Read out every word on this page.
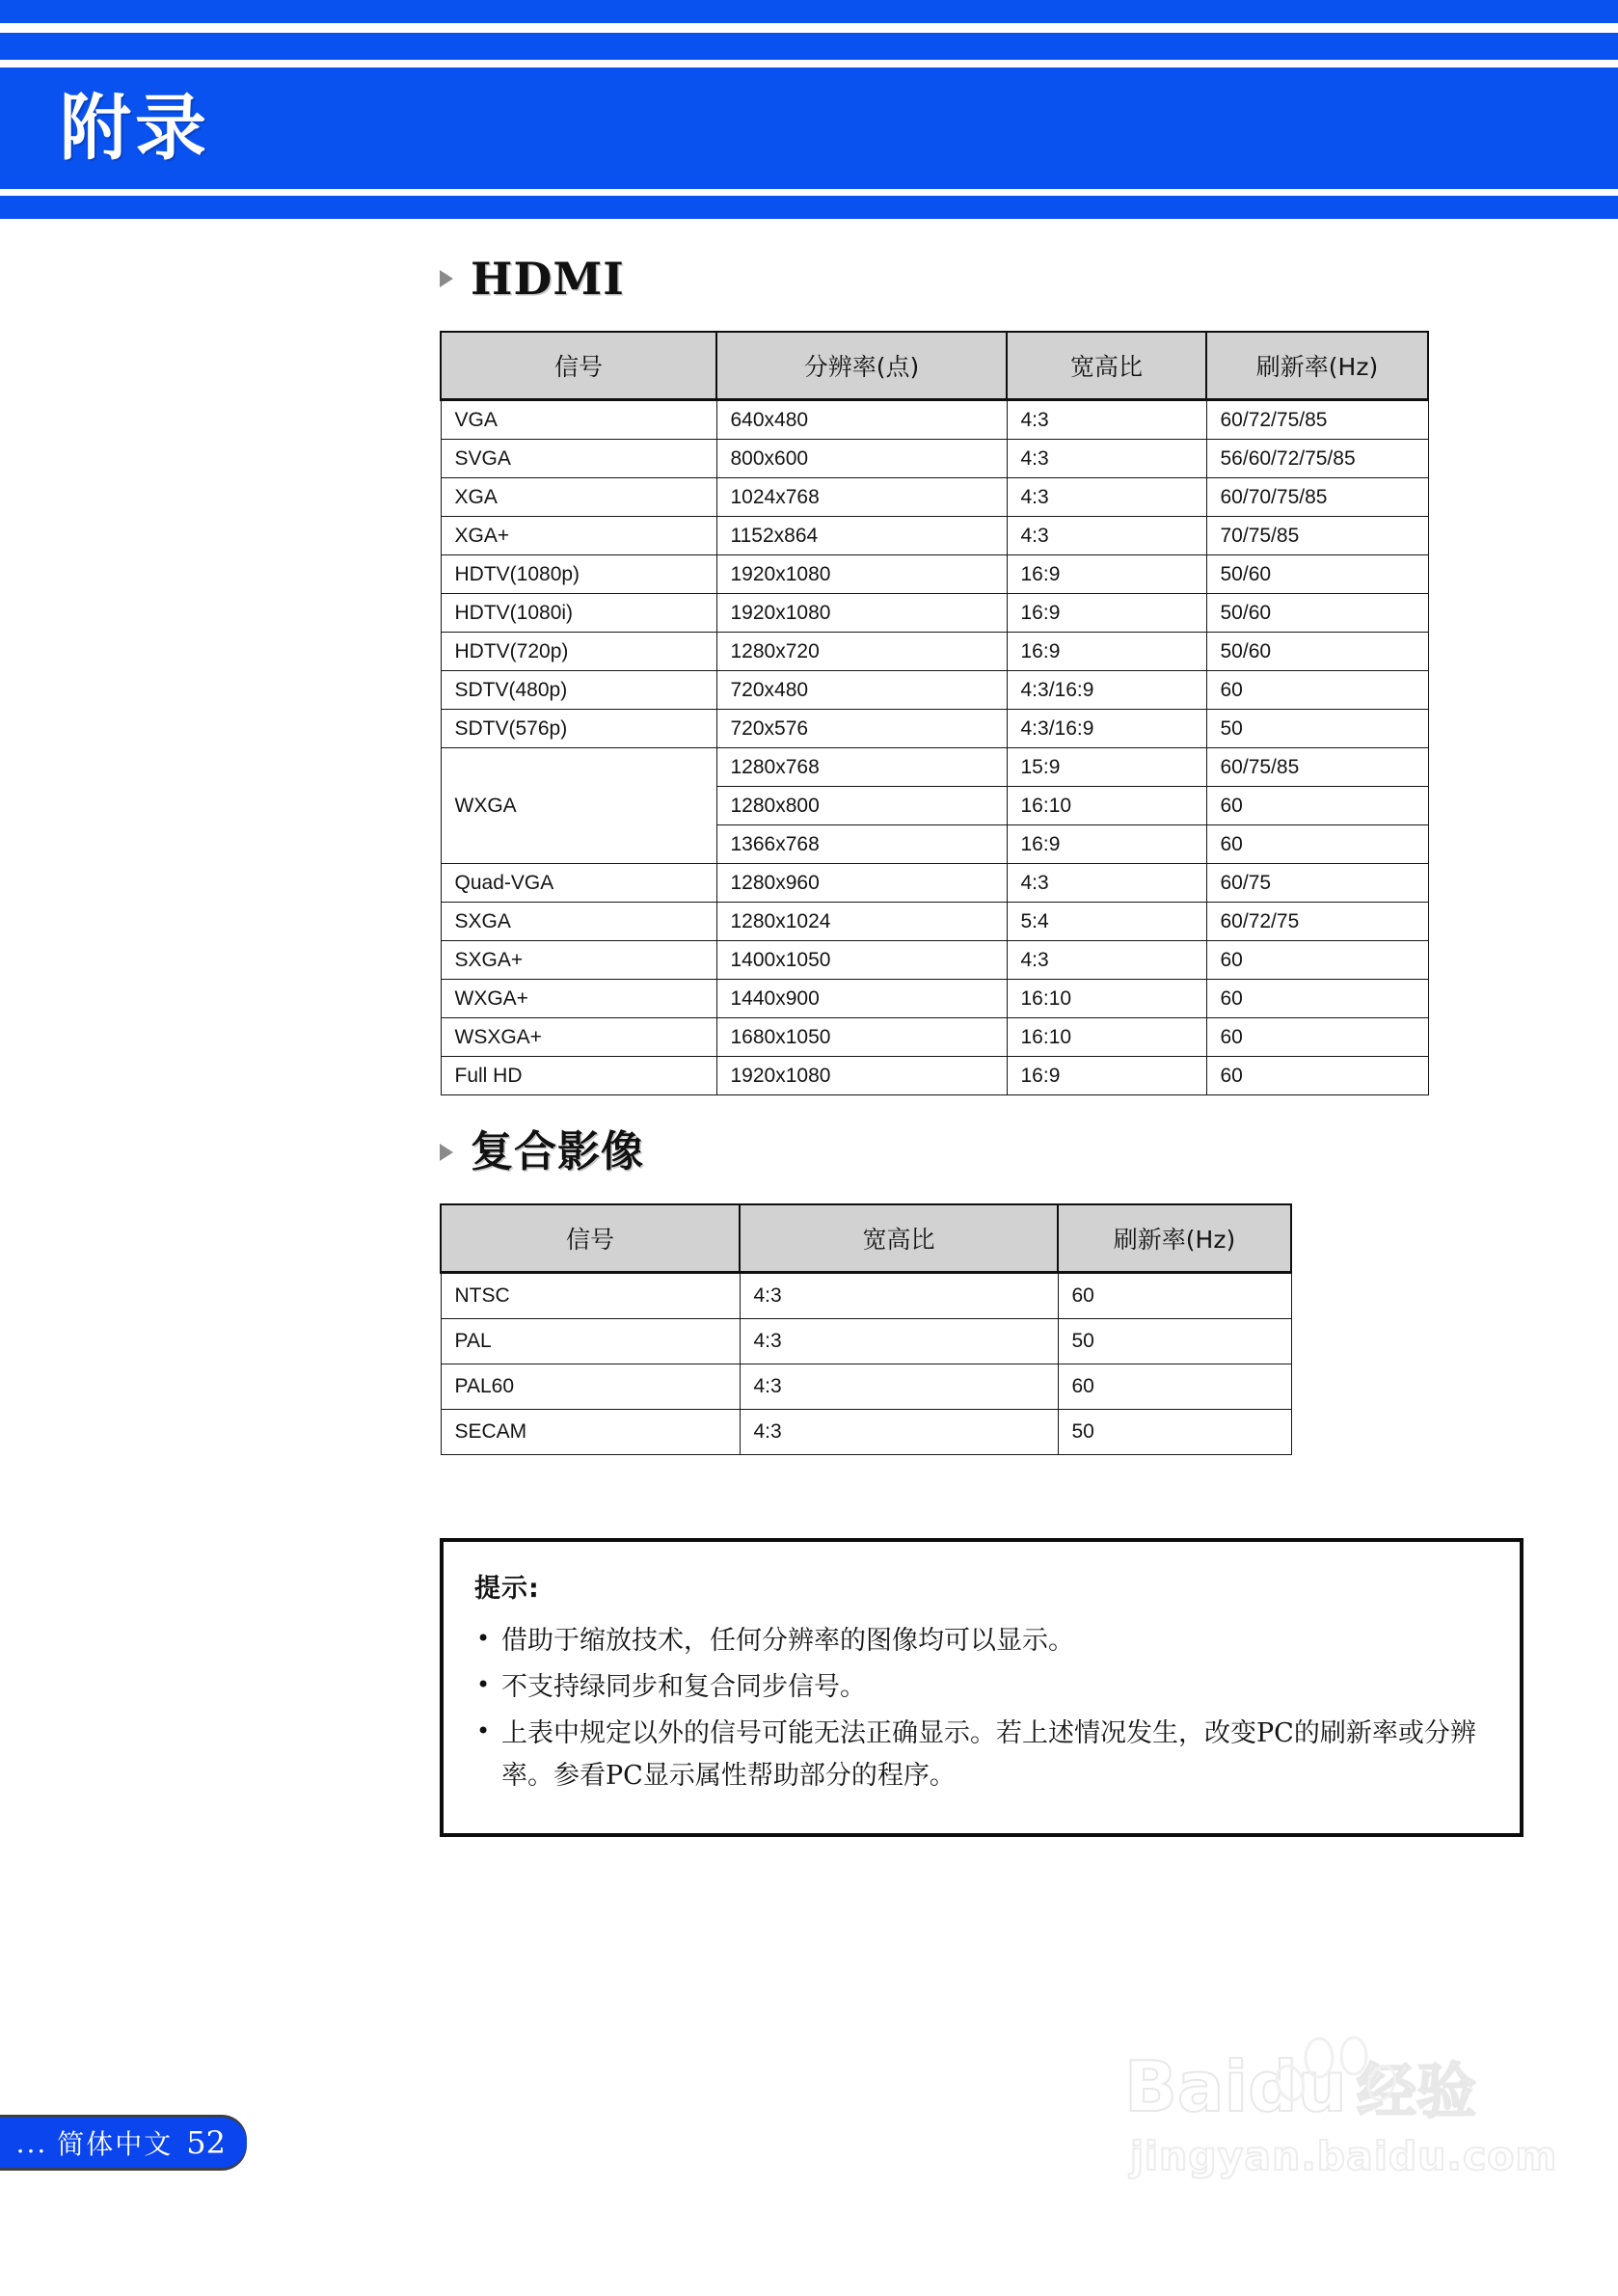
附录
HDMI
信号	分辨率(点)	宽高比	刷新率(Hz)
VGA	640x480	4:3	60/72/75/85
SVGA	800x600	4:3	56/60/72/75/85
XGA	1024x768	4:3	60/70/75/85
XGA+	1152x864	4:3	70/75/85
HDTV(1080p)	1920x1080	16:9	50/60
HDTV(1080i)	1920x1080	16:9	50/60
HDTV(720p)	1280x720	16:9	50/60
SDTV(480p)	720x480	4:3/16:9	60
SDTV(576p)	720x576	4:3/16:9	50
WXGA	1280x768	15:9	60/75/85
	1280x800	16:10	60
	1366x768	16:9	60
Quad-VGA	1280x960	4:3	60/75
SXGA	1280x1024	5:4	60/72/75
SXGA+	1400x1050	4:3	60
WXGA+	1440x900	16:10	60
WSXGA+	1680x1050	16:10	60
Full HD	1920x1080	16:9	60
复合影像
信号	宽高比	刷新率(Hz)
NTSC	4:3	60
PAL	4:3	50
PAL60	4:3	60
SECAM	4:3	50
提示:
• 借助于缩放技术，任何分辨率的图像均可以显示。
• 不支持绿同步和复合同步信号。
• 上表中规定以外的信号可能无法正确显示。若上述情况发生，改变PC的刷新率或分辨率。参看PC显示属性帮助部分的程序。
... 简体中文 52
Baidu 经验
jingyan.baidu.com
